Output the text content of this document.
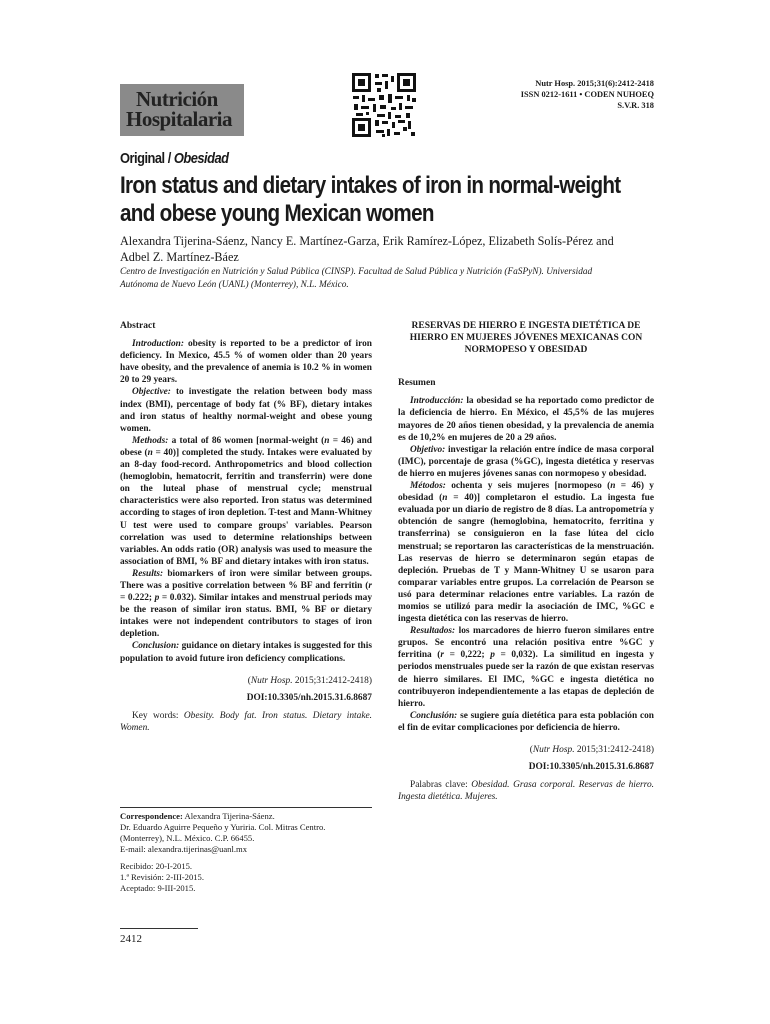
Nutrición
Hospitalaria
Nutr Hosp. 2015;31(6):2412-2418
ISSN 0212-1611 • CODEN NUHOEQ
S.V.R. 318
Original / Obesidad
Iron status and dietary intakes of iron in normal-weight and obese young Mexican women
Alexandra Tijerina-Sáenz, Nancy E. Martínez-Garza, Erik Ramírez-López, Elizabeth Solís-Pérez and
Adbel Z. Martínez-Báez
Centro de Investigación en Nutrición y Salud Pública (CINSP). Facultad de Salud Pública y Nutrición (FaSPyN). Universidad
Autónoma de Nuevo León (UANL) (Monterrey), N.L. México.
Abstract

Introduction: obesity is reported to be a predictor of iron deficiency. In Mexico, 45.5 % of women older than 20 years have obesity, and the prevalence of anemia is 10.2 % in women 20 to 29 years.

Objective: to investigate the relation between body mass index (BMI), percentage of body fat (% BF), dietary intakes and iron status of healthy normal-weight and obese young women.

Methods: a total of 86 women [normal-weight (n = 46) and obese (n = 40)] completed the study. Intakes were evaluated by an 8-day food-record. Anthropometrics and blood collection (hemoglobin, hematocrit, ferritin and transferrin) were done on the luteal phase of menstrual cycle; menstrual characteristics were also reported. Iron status was determined according to stages of iron depletion. T-test and Mann-Whitney U test were used to compare groups' variables. Pearson correlation was used to determine relationships between variables. An odds ratio (OR) analysis was used to measure the association of BMI, % BF and dietary intakes with iron status.

Results: biomarkers of iron were similar between groups. There was a positive correlation between % BF and ferritin (r = 0.222; p = 0.032). Similar intakes and menstrual periods may be the reason of similar iron status. BMI, % BF or dietary intakes were not independent contributors to stages of iron depletion.

Conclusion: guidance on dietary intakes is suggested for this population to avoid future iron deficiency complications.

(Nutr Hosp. 2015;31:2412-2418)
DOI:10.3305/nh.2015.31.6.8687
Key words: Obesity. Body fat. Iron status. Dietary intake. Women.
RESERVAS DE HIERRO E INGESTA DIETÉTICA DE HIERRO EN MUJERES JÓVENES MEXICANAS CON NORMOPESO Y OBESIDAD
Resumen

Introducción: la obesidad se ha reportado como predictor de la deficiencia de hierro. En México, el 45,5% de las mujeres mayores de 20 años tienen obesidad, y la prevalencia de anemia es de 10,2% en mujeres de 20 a 29 años.

Objetivo: investigar la relación entre índice de masa corporal (IMC), porcentaje de grasa (%GC), ingesta dietética y reservas de hierro en mujeres jóvenes sanas con normopeso y obesidad.

Métodos: ochenta y seis mujeres [normopeso (n = 46) y obesidad (n = 40)] completaron el estudio. La ingesta fue evaluada por un diario de registro de 8 días. La antropometría y obtención de sangre (hemoglobina, hematocrito, ferritina y transferrina) se consiguieron en la fase lútea del ciclo menstrual; se reportaron las características de la menstruación. Las reservas de hierro se determinaron según etapas de depleción. Pruebas de T y Mann-Whitney U se usaron para comparar variables entre grupos. La correlación de Pearson se usó para determinar relaciones entre variables. La razón de momios se utilizó para medir la asociación de IMC, %GC e ingesta dietética con las reservas de hierro.

Resultados: los marcadores de hierro fueron similares entre grupos. Se encontró una relación positiva entre %GC y ferritina (r = 0,222; p = 0,032). La similitud en ingesta y periodos menstruales puede ser la razón de que existan reservas de hierro similares. El IMC, %GC e ingesta dietética no contribuyeron independientemente a las etapas de depleción de hierro.

Conclusión: se sugiere guía dietética para esta población con el fin de evitar complicaciones por deficiencia de hierro.

(Nutr Hosp. 2015;31:2412-2418)
DOI:10.3305/nh.2015.31.6.8687
Palabras clave: Obesidad. Grasa corporal. Reservas de hierro. Ingesta dietética. Mujeres.
Correspondence: Alexandra Tijerina-Sáenz.
Dr. Eduardo Aguirre Pequeño y Yuriria. Col. Mitras Centro.
(Monterrey), N.L. México. C.P. 66455.
E-mail: alexandra.tijerinas@uanl.mx
Recibido: 20-I-2015.
1.ª Revisión: 2-III-2015.
Aceptado: 9-III-2015.
2412
